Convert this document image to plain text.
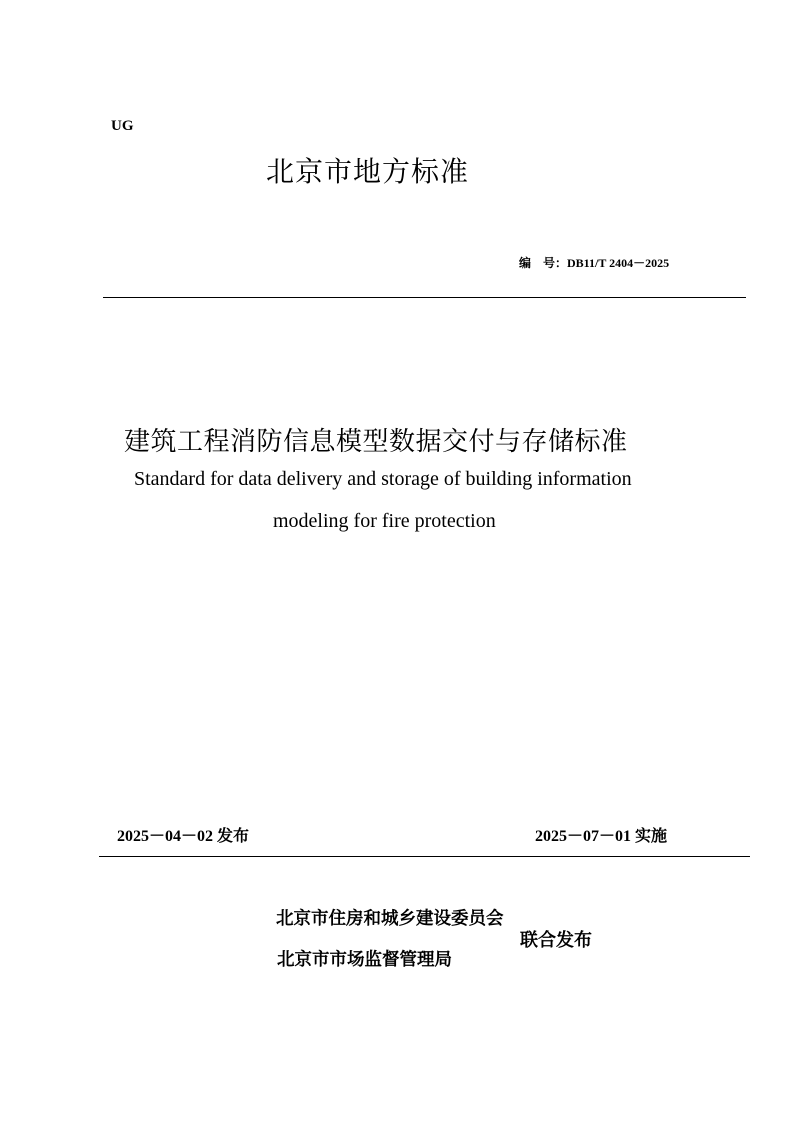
UG
北京市地方标准
编　号：DB11/T 2404－2025
建筑工程消防信息模型数据交付与存储标准
Standard for data delivery and storage of building information
modeling for fire protection
2025－04－02 发布	2025－07－01 实施
北京市住房和城乡建设委员会
北京市市场监督管理局
联合发布
